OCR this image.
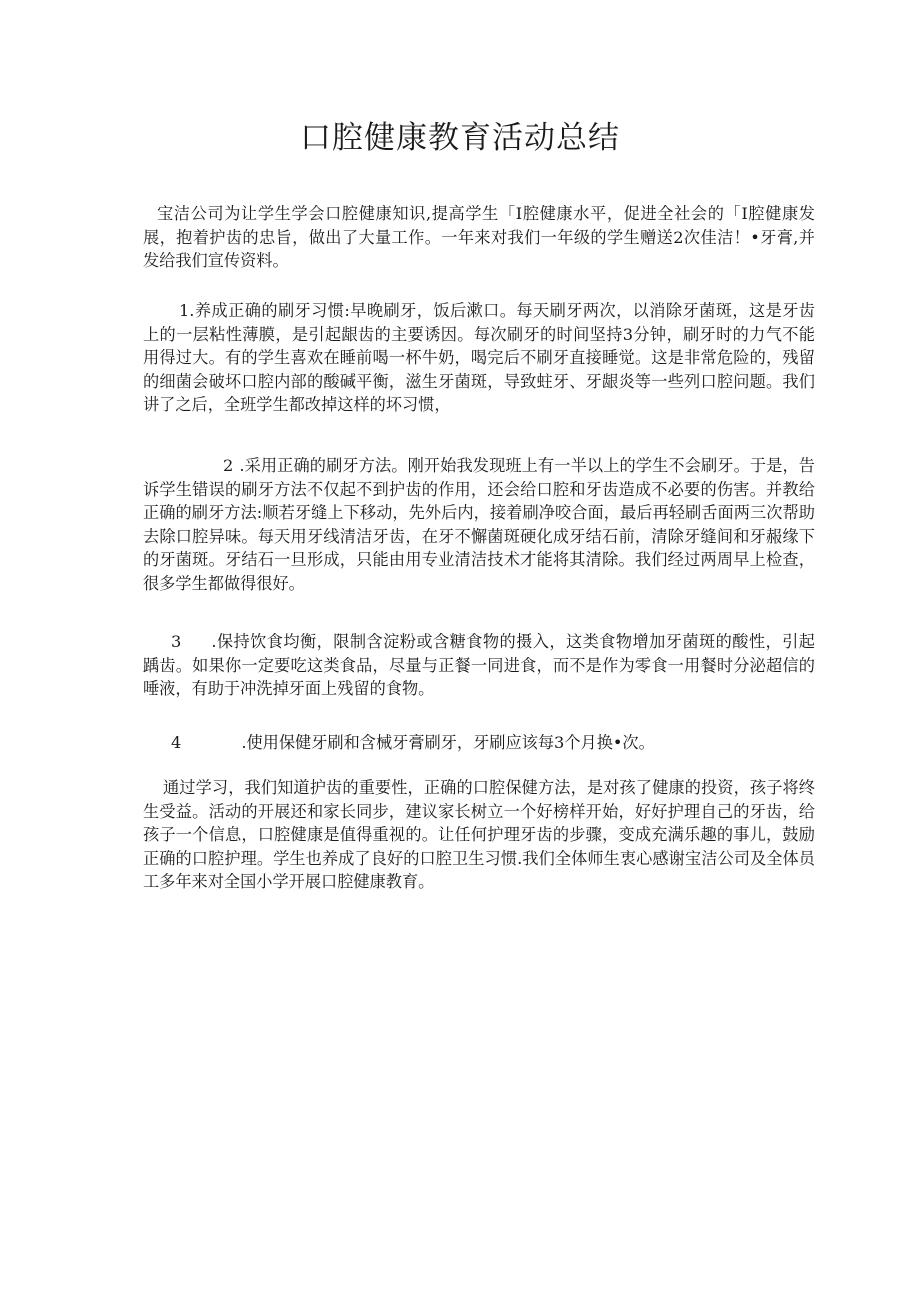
口腔健康教育活动总结

宝洁公司为让学生学会口腔健康知识,提高学生「I腔健康水平，促进全社会的「I腔健康发展，抱着护齿的忠旨，做出了大量工作。一年来对我们一年级的学生赠送2次佳洁！•牙膏,并发给我们宣传资料。

1.养成正确的刷牙习惯:早晚刷牙，饭后漱口。每天刷牙两次，以消除牙菌斑，这是牙齿上的一层粘性薄膜，是引起龈齿的主要诱因。每次刷牙的时间坚持3分钟，刷牙时的力气不能用得过大。有的学生喜欢在睡前喝一杯牛奶，喝完后不刷牙直接睡觉。这是非常危险的，残留的细菌会破坏口腔内部的酸碱平衡，滋生牙菌斑，导致蛀牙、牙龈炎等一些列口腔问题。我们讲了之后，全班学生都改掉这样的坏习惯，

2 .采用正确的刷牙方法。刚开始我发现班上有一半以上的学生不会刷牙。于是，告诉学生错误的刷牙方法不仅起不到护齿的作用，还会给口腔和牙齿造成不必要的伤害。并教给正确的刷牙方法:顺若牙缝上下移动，先外后内，接着刷净咬合面，最后再轻刷舌面两三次帮助去除口腔异味。每天用牙线清洁牙齿，在牙不懈菌斑硬化成牙结石前，清除牙缝间和牙赧缘下的牙菌斑。牙结石一旦形成，只能由用专业清洁技术才能将其清除。我们经过两周早上检查，很多学生都做得很好。

3 .保持饮食均衡，限制含淀粉或含糖食物的摄入，这类食物增加牙菌斑的酸性，引起踽齿。如果你一定要吃这类食品，尽量与正餐一同进食，而不是作为零食一用餐时分泌超信的唾液，有助于冲洗掉牙面上残留的食物。

4	.使用保健牙刷和含械牙膏刷牙，牙刷应该每3个月换•次。

通过学习，我们知道护齿的重要性，正确的口腔保健方法，是对孩了健康的投资，孩子将终生受益。活动的开展还和家长同步，建议家长树立一个好榜样开始，好好护理自己的牙齿，给孩子一个信息，口腔健康是值得重视的。让任何护理牙齿的步骤，变成充满乐趣的事儿，鼓励正确的口腔护理。学生也养成了良好的口腔卫生习惯.我们全体师生衷心感谢宝洁公司及全体员工多年来对全国小学开展口腔健康教育。
